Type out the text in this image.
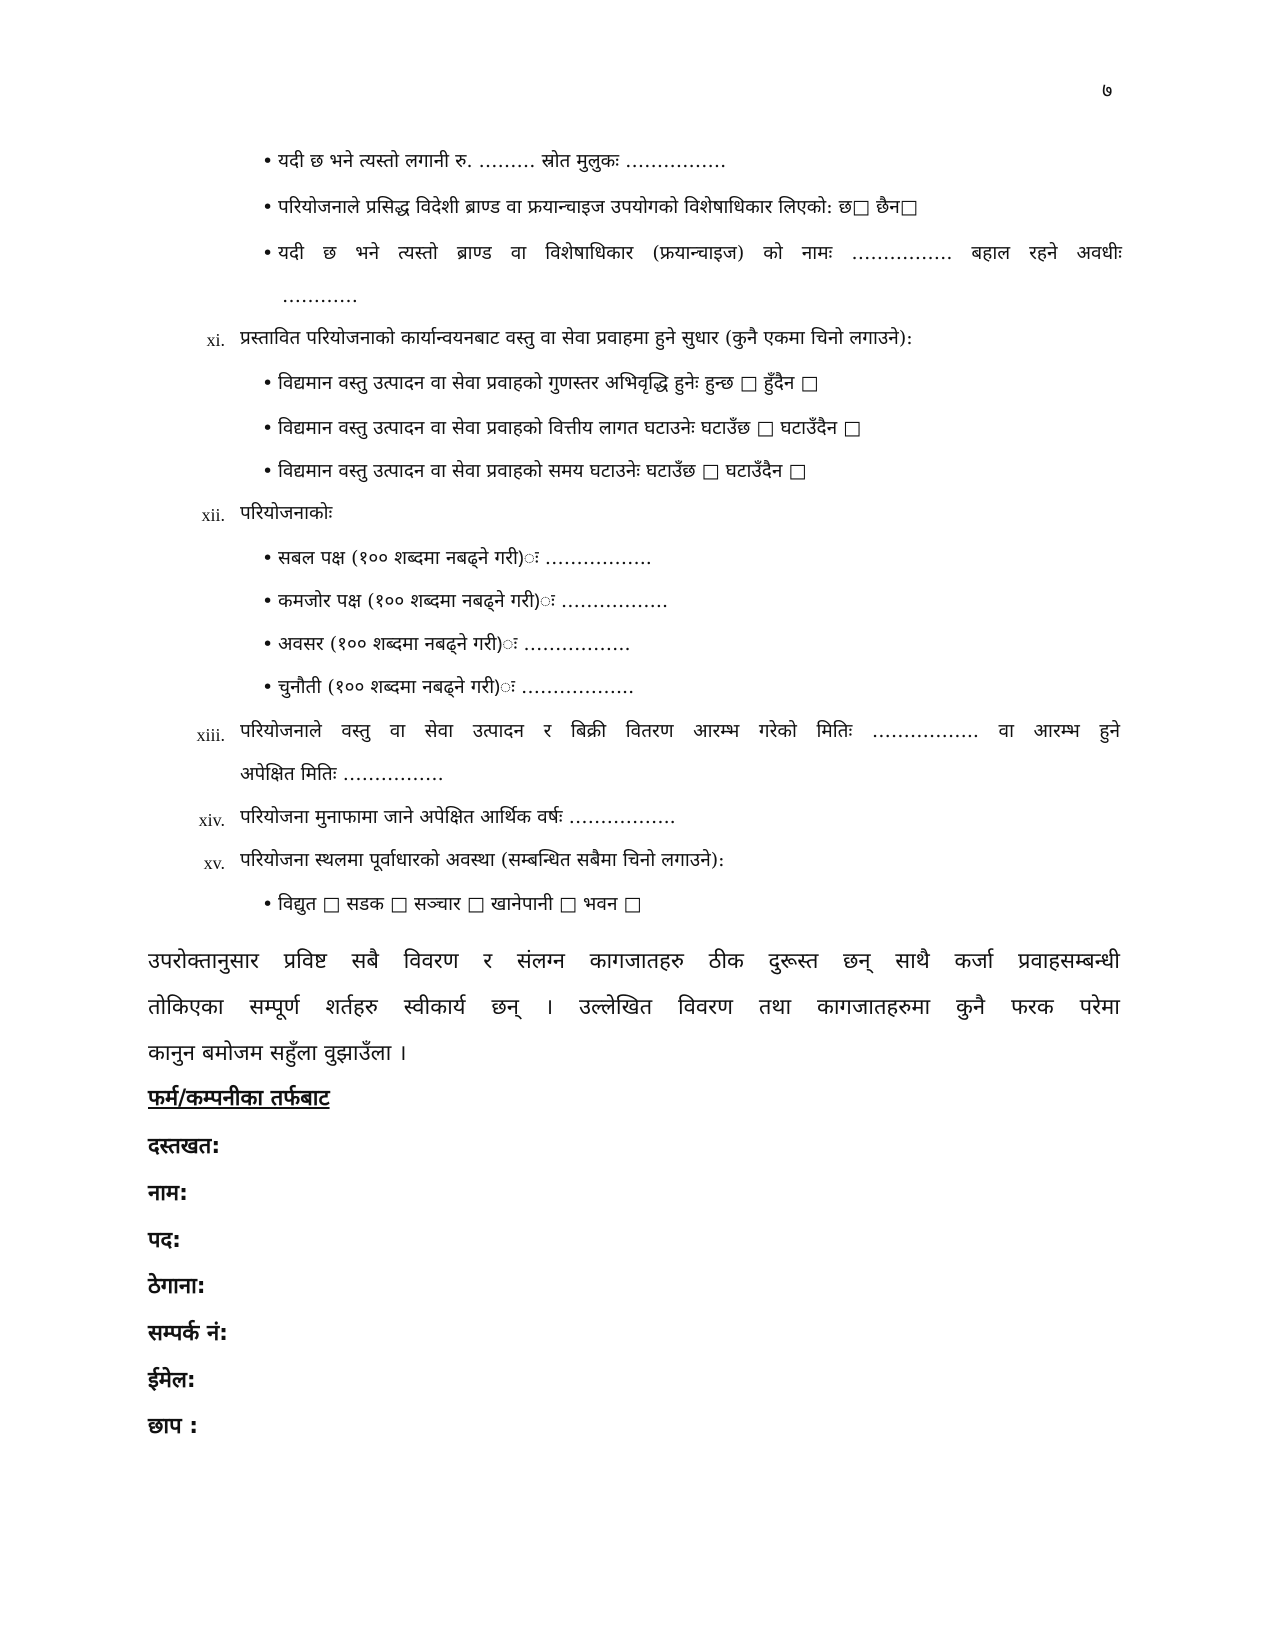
७
• यदी छ भने त्यस्तो लगानी रु. ……… स्रोत मुलुकः …………….
• परियोजनाले प्रसिद्ध विदेशी ब्राण्ड वा फ्रयान्चाइज उपयोगको विशेषाधिकार लिएको: छ□ छैन□
• यदी छ भने त्यस्तो ब्राण्ड वा विशेषाधिकार (फ्रयान्चाइज) को नामः ……………. बहाल रहने अवधीः
…………
xi. प्रस्तावित परियोजनाको कार्यान्वयनबाट वस्तु वा सेवा प्रवाहमा हुने सुधार (कुनै एकमा चिनो लगाउने):
• विद्यमान वस्तु उत्पादन वा सेवा प्रवाहको गुणस्तर अभिवृद्धि हुनेः हुन्छ □ हुँदैन □
• विद्यमान वस्तु उत्पादन वा सेवा प्रवाहको वित्तीय लागत घटाउनेः घटाउँछ □ घटाउँदैन □
• विद्यमान वस्तु उत्पादन वा सेवा प्रवाहको समय घटाउनेः घटाउँछ □ घटाउँदैन □
xii. परियोजनाकोः
• सबल पक्ष (१०० शब्दमा नबढ्ने गरी)ः ……………..
• कमजोर पक्ष (१०० शब्दमा नबढ्ने गरी)ः ……………..
• अवसर (१०० शब्दमा नबढ्ने गरी)ः ……………..
• चुनौती (१०० शब्दमा नबढ्ने गरी)ः ……………...
xiii. परियोजनाले वस्तु वा सेवा उत्पादन र बिक्री वितरण आरम्भ गरेको मितिः …………….. वा आरम्भ हुने
अपेक्षित मितिः …………….
xiv. परियोजना मुनाफामा जाने अपेक्षित आर्थिक वर्षः ……………..
xv. परियोजना स्थलमा पूर्वाधारको अवस्था (सम्बन्धित सबैमा चिनो लगाउने):
• विद्युत □ सडक □ सञ्चार □ खानेपानी □ भवन □
उपरोक्तानुसार प्रविष्ट सबै विवरण र संलग्न कागजातहरु ठीक दुरूस्त छन् साथै कर्जा प्रवाहसम्बन्धी
तोकिएका सम्पूर्ण शर्तहरु स्वीकार्य छन् । उल्लेखित विवरण तथा कागजातहरुमा कुनै फरक परेमा
कानुन बमोजम सहुँला वुझाउँला ।
फर्म/कम्पनीका तर्फबाट
दस्तखत:
नाम:
पद:
ठेगाना:
सम्पर्क नं:
ईमेल:
छाप :
